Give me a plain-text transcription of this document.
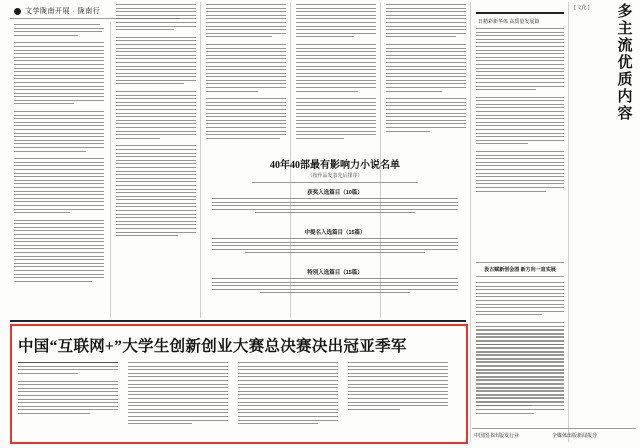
文学陇南开展 · 陇南行
40年40部最有影响力小说名单
（按作品发表先后排序）
获奖入选篇目（10篇）
中提名入选篇目（15篇）
特别入选篇目（15篇）
日精彩新华体 高质量发展篇
汲古赋新创会图 新方向一直实展
多
主
流
优
质
内
容
[ 文化 ]
中国“互联网+”大学生创新创业大赛总决赛决出冠亚季军
中国图书出版发行业	全媒体出版新闻报导
